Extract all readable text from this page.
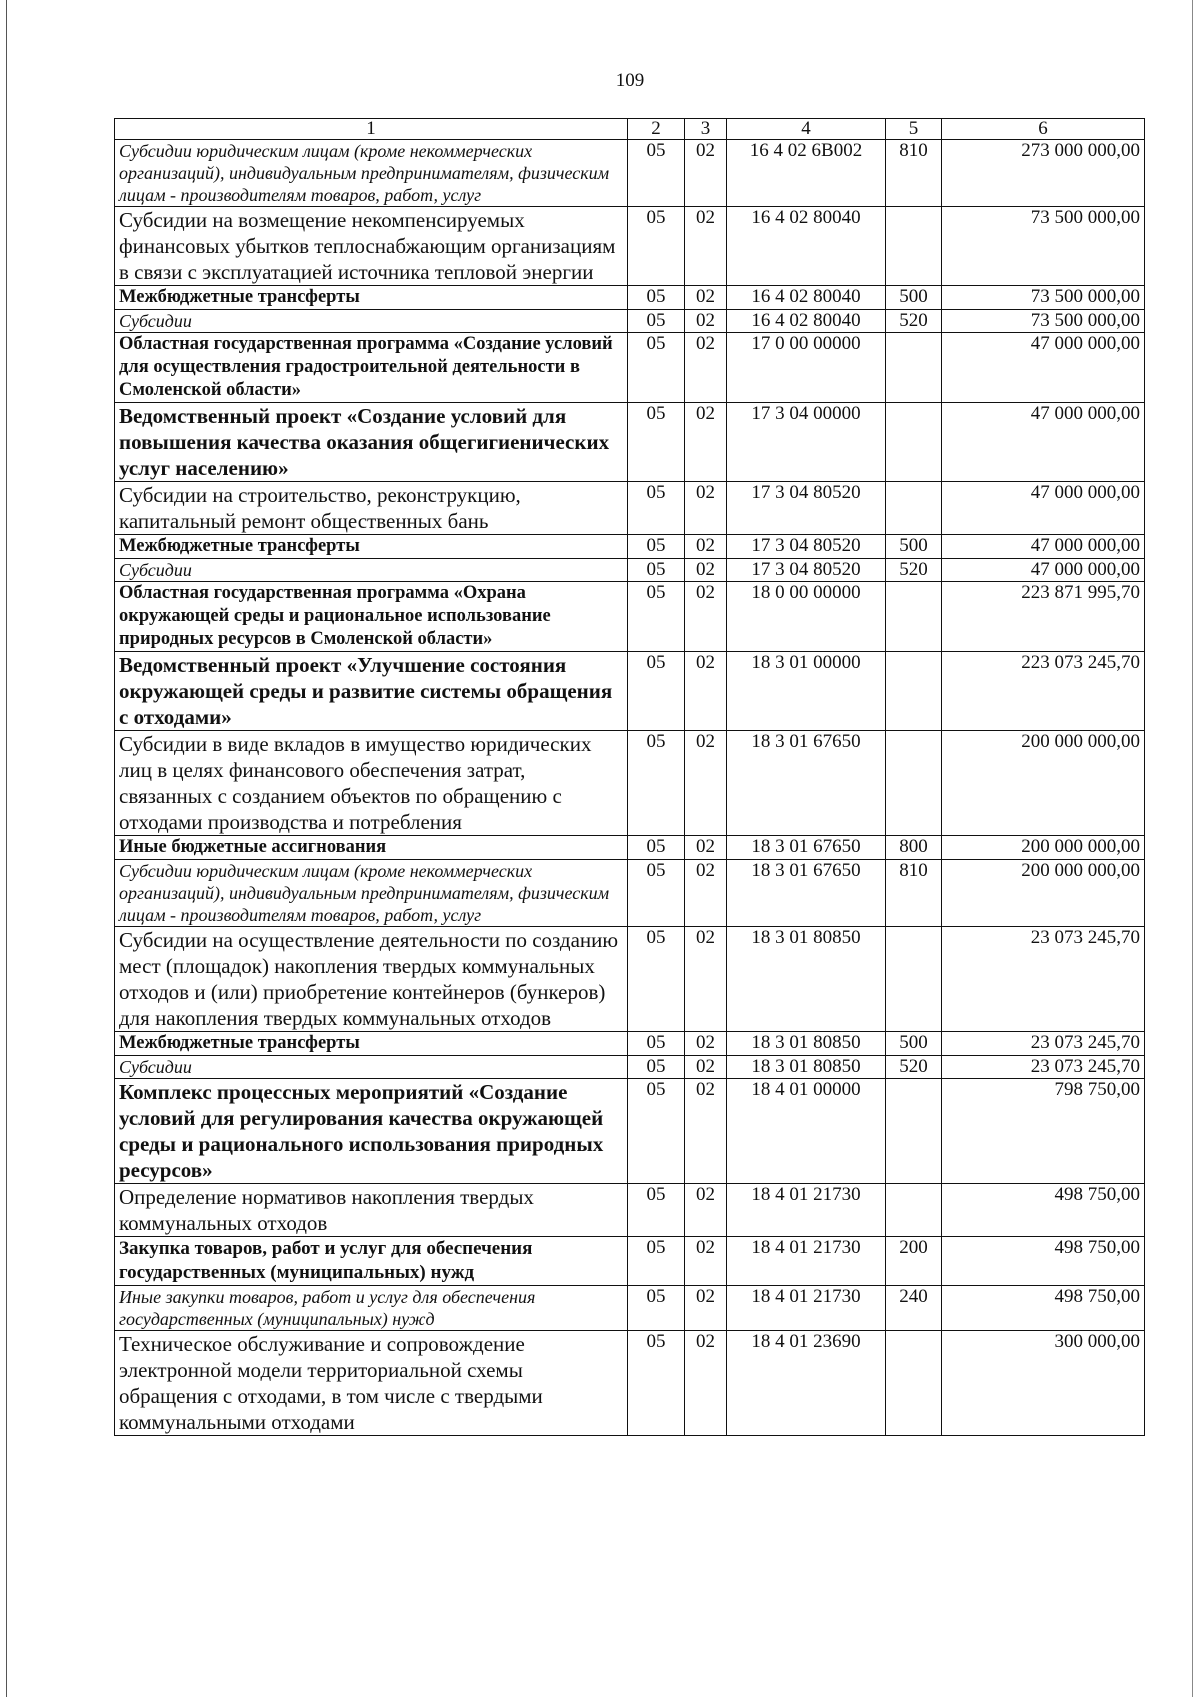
109
1	2	3	4	5	6
Субсидии юридическим лицам (кроме некоммерческих организаций), индивидуальным предпринимателям, физическим лицам - производителям товаров, работ, услуг	05	02	16 4 02 6В002	810	273 000 000,00
Субсидии на возмещение некомпенсируемых финансовых убытков теплоснабжающим организациям в связи с эксплуатацией источника тепловой энергии	05	02	16 4 02 80040		73 500 000,00
Межбюджетные трансферты	05	02	16 4 02 80040	500	73 500 000,00
Субсидии	05	02	16 4 02 80040	520	73 500 000,00
Областная государственная программа «Создание условий для осуществления градостроительной деятельности в Смоленской области»	05	02	17 0 00 00000		47 000 000,00
Ведомственный проект «Создание условий для повышения качества оказания общегигиенических услуг населению»	05	02	17 3 04 00000		47 000 000,00
Субсидии на строительство, реконструкцию, капитальный ремонт общественных бань	05	02	17 3 04 80520		47 000 000,00
Межбюджетные трансферты	05	02	17 3 04 80520	500	47 000 000,00
Субсидии	05	02	17 3 04 80520	520	47 000 000,00
Областная государственная программа «Охрана окружающей среды и рациональное использование природных ресурсов в Смоленской области»	05	02	18 0 00 00000		223 871 995,70
Ведомственный проект «Улучшение состояния окружающей среды и развитие системы обращения с отходами»	05	02	18 3 01 00000		223 073 245,70
Субсидии в виде вкладов в имущество юридических лиц в целях финансового обеспечения затрат, связанных с созданием объектов по обращению с отходами производства и потребления	05	02	18 3 01 67650		200 000 000,00
Иные бюджетные ассигнования	05	02	18 3 01 67650	800	200 000 000,00
Субсидии юридическим лицам (кроме некоммерческих организаций), индивидуальным предпринимателям, физическим лицам - производителям товаров, работ, услуг	05	02	18 3 01 67650	810	200 000 000,00
Субсидии на осуществление деятельности по созданию мест (площадок) накопления твердых коммунальных отходов и (или) приобретение контейнеров (бункеров) для накопления твердых коммунальных отходов	05	02	18 3 01 80850		23 073 245,70
Межбюджетные трансферты	05	02	18 3 01 80850	500	23 073 245,70
Субсидии	05	02	18 3 01 80850	520	23 073 245,70
Комплекс процессных мероприятий «Создание условий для регулирования качества окружающей среды и рационального использования природных ресурсов»	05	02	18 4 01 00000		798 750,00
Определение нормативов накопления твердых коммунальных отходов	05	02	18 4 01 21730		498 750,00
Закупка товаров, работ и услуг для обеспечения государственных (муниципальных) нужд	05	02	18 4 01 21730	200	498 750,00
Иные закупки товаров, работ и услуг для обеспечения государственных (муниципальных) нужд	05	02	18 4 01 21730	240	498 750,00
Техническое обслуживание и сопровождение электронной модели территориальной схемы обращения с отходами, в том числе с твердыми коммунальными отходами	05	02	18 4 01 23690		300 000,00
